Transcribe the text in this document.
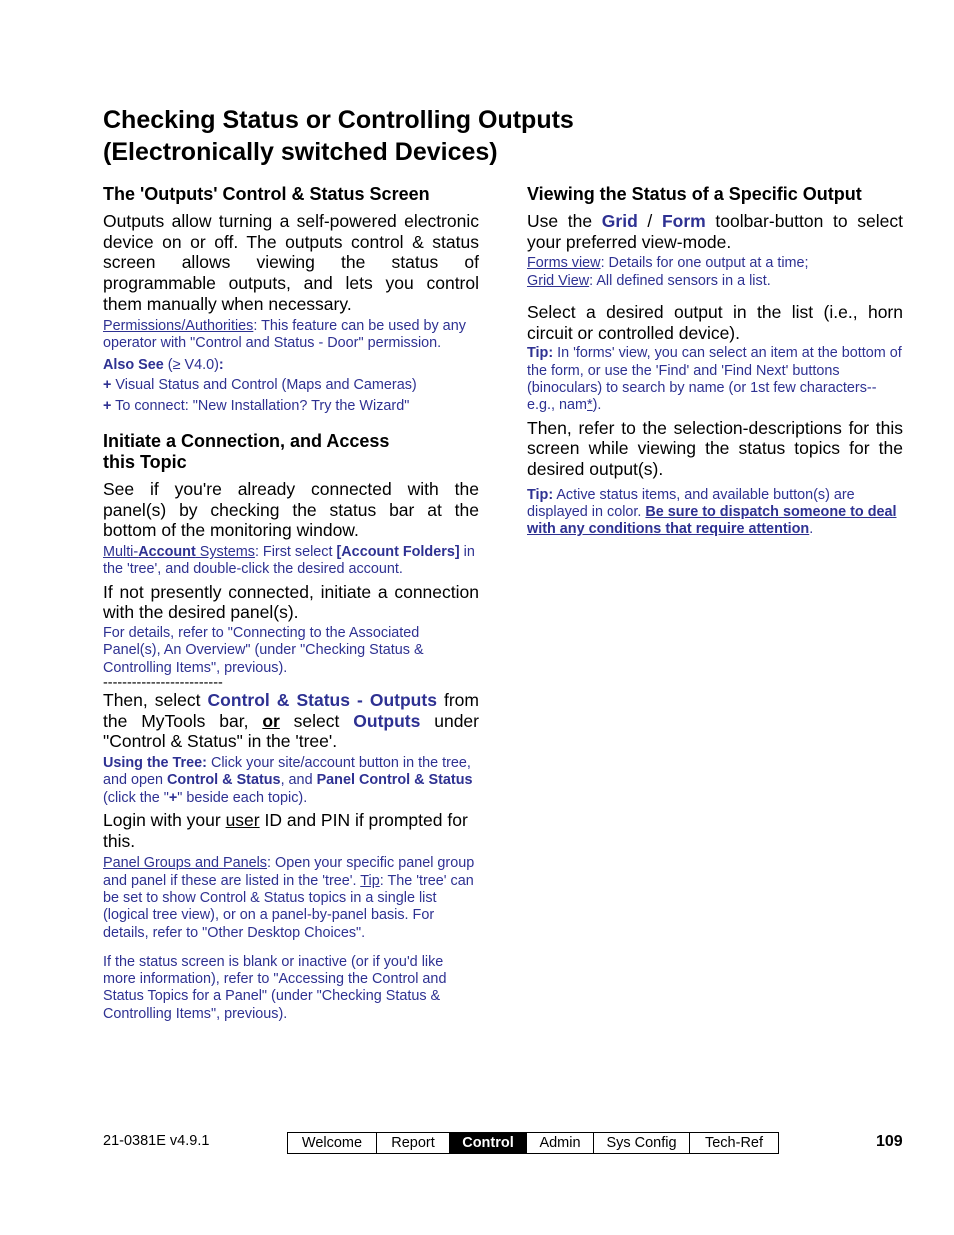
Checking Status or Controlling Outputs
(Electronically switched Devices)
The 'Outputs' Control & Status Screen

Outputs allow turning a self-powered electronic device on or off. The outputs control & status screen allows viewing the status of programmable outputs, and lets you control them manually when necessary.

Permissions/Authorities: This feature can be used by any operator with "Control and Status - Door" permission.

Also See (≥ V4.0):

+ Visual Status and Control (Maps and Cameras)

+ To connect: "New Installation? Try the Wizard"

Initiate a Connection, and Access this Topic

See if you're already connected with the panel(s) by checking the status bar at the bottom of the monitoring window.

Multi-Account Systems: First select [Account Folders] in the 'tree', and double-click the desired account.

If not presently connected, initiate a connection with the desired panel(s).

For details, refer to "Connecting to the Associated Panel(s), An Overview" (under "Checking Status & Controlling Items", previous).

-------------------------

Then, select Control & Status - Outputs from the MyTools bar, or select Outputs under "Control & Status" in the 'tree'.

Using the Tree: Click your site/account button in the tree, and open Control & Status, and Panel Control & Status (click the "+" beside each topic).

Login with your user ID and PIN if prompted for this.

Panel Groups and Panels: Open your specific panel group and panel if these are listed in the 'tree'. Tip: The 'tree' can be set to show Control & Status topics in a single list (logical tree view), or on a panel-by-panel basis. For details, refer to "Other Desktop Choices".

If the status screen is blank or inactive (or if you'd like more information), refer to "Accessing the Control and Status Topics for a Panel" (under "Checking Status & Controlling Items", previous).

Viewing the Status of a Specific Output

Use the Grid / Form toolbar-button to select your preferred view-mode.

Forms view: Details for one output at a time;

Grid View: All defined sensors in a list.

Select a desired output in the list (i.e., horn circuit or controlled device).

Tip: In 'forms' view, you can select an item at the bottom of the form, or use the 'Find' and 'Find Next' buttons (binoculars) to search by name (or 1st few characters--e.g., nam*).

Then, refer to the selection-descriptions for this screen while viewing the status topics for the desired output(s).

Tip: Active status items, and available button(s) are displayed in color. Be sure to dispatch someone to deal with any conditions that require attention.

21-0381E v4.9.1	Welcome	Report	Control	Admin	Sys Config	Tech-Ref	109
